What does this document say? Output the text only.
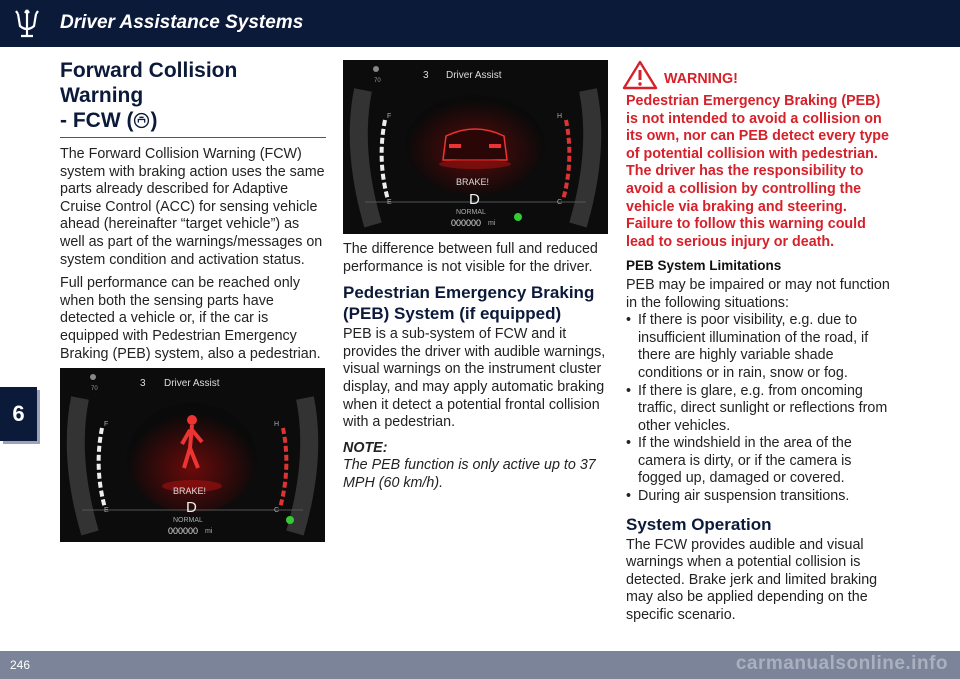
Driver Assistance Systems
6
Forward Collision Warning
- FCW ( )

The Forward Collision Warning (FCW) system with braking action uses the same parts already described for Adaptive Cruise Control (ACC) for sensing vehicle ahead (hereinafter “target vehicle”) as well as part of the warnings/messages on system condition and activation status.

Full performance can be reached only when both the sensing parts have detected a vehicle or, if the car is equipped with Pedestrian Emergency Braking (PEB) system, also a pedestrian.

3 Driver Assist
70
F	H
BRAKE!
E	D	C
NORMAL
000000 mi
3 Driver Assist
70
F	H
BRAKE!
E	D	C
NORMAL
000000 mi

The difference between full and reduced performance is not visible for the driver.

Pedestrian Emergency Braking (PEB) System (if equipped)

PEB is a sub-system of FCW and it provides the driver with audible warnings, visual warnings on the instrument cluster display, and may apply automatic braking when it detect a potential frontal collision with a pedestrian.

NOTE:
The PEB function is only active up to 37 MPH (60 km/h).
WARNING!

Pedestrian Emergency Braking (PEB) is not intended to avoid a collision on its own, nor can PEB detect every type of potential collision with pedestrian. The driver has the responsibility to avoid a collision by controlling the vehicle via braking and steering. Failure to follow this warning could lead to serious injury or death.

PEB System Limitations

PEB may be impaired or may not function in the following situations:

• If there is poor visibility, e.g. due to insufficient illumination of the road, if there are highly variable shade conditions or in rain, snow or fog.
• If there is glare, e.g. from oncoming traffic, direct sunlight or reflections from other vehicles.
• If the windshield in the area of the camera is dirty, or if the camera is fogged up, damaged or covered.
• During air suspension transitions.
System Operation

The FCW provides audible and visual warnings when a potential collision is detected. Brake jerk and limited braking may also be applied depending on the specific scenario.

246	carmanualsonline.info
